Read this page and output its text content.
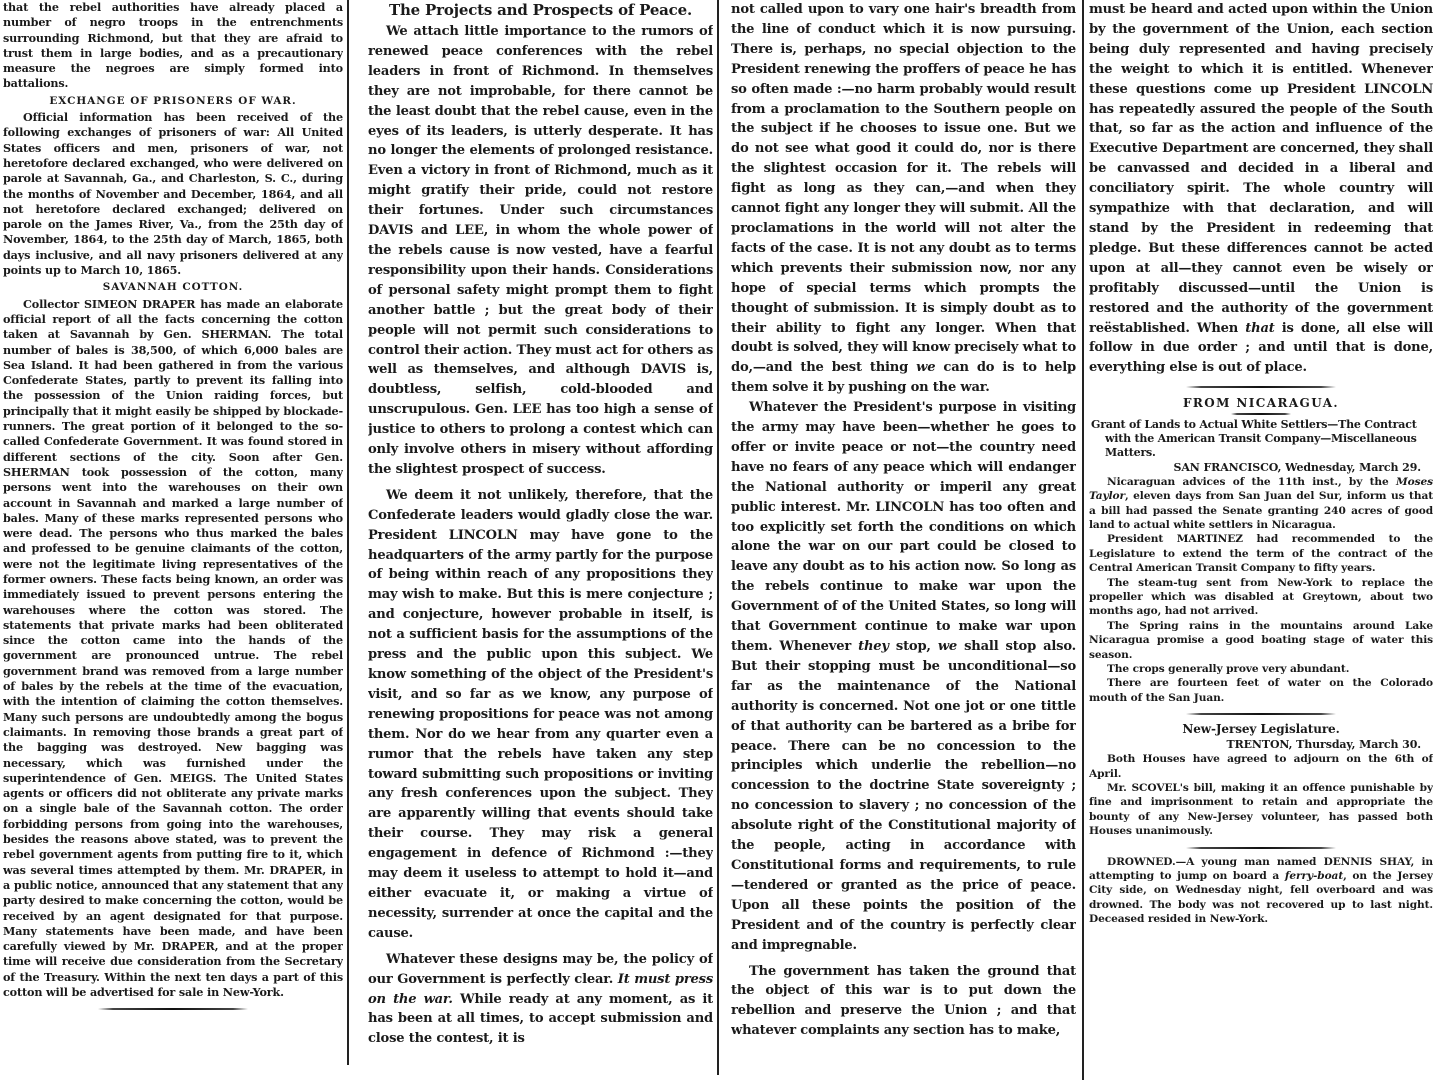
that the rebel authorities have already placed a number of negro troops in the entrenchments surrounding Richmond, but that they are afraid to trust them in large bodies, and as a precautionary measure the negroes are simply formed into battalions.

EXCHANGE OF PRISONERS OF WAR.

Official information has been received of the following exchanges of prisoners of war: All United States officers and men, prisoners of war, not heretofore declared exchanged, who were delivered on parole at Savannah, Ga., and Charleston, S. C., during the months of November and December, 1864, and all not heretofore declared exchanged; delivered on parole on the James River, Va., from the 25th day of November, 1864, to the 25th day of March, 1865, both days inclusive, and all navy prisoners delivered at any points up to March 10, 1865.

SAVANNAH COTTON.

Collector SIMEON DRAPER has made an elaborate official report of all the facts concerning the cotton taken at Savannah by Gen. SHERMAN. The total number of bales is 38,500, of which 6,000 bales are Sea Island. It had been gathered in from the various Confederate States, partly to prevent its falling into the possession of the Union raiding forces, but principally that it might easily be shipped by blockade-runners. The great portion of it belonged to the so-called Confederate Government. It was found stored in different sections of the city. Soon after Gen. SHERMAN took possession of the cotton, many persons went into the warehouses on their own account in Savannah and marked a large number of bales. Many of these marks represented persons who were dead. The persons who thus marked the bales and professed to be genuine claimants of the cotton, were not the legitimate living representatives of the former owners. These facts being known, an order was immediately issued to prevent persons entering the warehouses where the cotton was stored. The statements that private marks had been obliterated since the cotton came into the hands of the government are pronounced untrue. The rebel government brand was removed from a large number of bales by the rebels at the time of the evacuation, with the intention of claiming the cotton themselves. Many such persons are undoubtedly among the bogus claimants. In removing those brands a great part of the bagging was destroyed. New bagging was necessary, which was furnished under the superintendence of Gen. MEIGS. The United States agents or officers did not obliterate any private marks on a single bale of the Savannah cotton. The order forbidding persons from going into the warehouses, besides the reasons above stated, was to prevent the rebel government agents from putting fire to it, which was several times attempted by them. Mr. DRAPER, in a public notice, announced that any statement that any party desired to make concerning the cotton, would be received by an agent designated for that purpose. Many statements have been made, and have been carefully viewed by Mr. DRAPER, and at the proper time will receive due consideration from the Secretary of the Treasury. Within the next ten days a part of this cotton will be advertised for sale in New-York.

The Projects and Prospects of Peace.

We attach little importance to the rumors of renewed peace conferences with the rebel leaders in front of Richmond. In themselves they are not improbable, for there cannot be the least doubt that the rebel cause, even in the eyes of its leaders, is utterly desperate. It has no longer the elements of prolonged resistance. Even a victory in front of Richmond, much as it might gratify their pride, could not restore their fortunes. Under such circumstances DAVIS and LEE, in whom the whole power of the rebels cause is now vested, have a fearful responsibility upon their hands. Considerations of personal safety might prompt them to fight another battle ; but the great body of their people will not permit such considerations to control their action. They must act for others as well as themselves, and although DAVIS is, doubtless, selfish, cold-blooded and unscrupulous. Gen. LEE has too high a sense of justice to others to prolong a contest which can only involve others in misery without affording the slightest prospect of success.

We deem it not unlikely, therefore, that the Confederate leaders would gladly close the war. President LINCOLN may have gone to the headquarters of the army partly for the purpose of being within reach of any propositions they may wish to make. But this is mere conjecture ; and conjecture, however probable in itself, is not a sufficient basis for the assumptions of the press and the public upon this subject. We know something of the object of the President's visit, and so far as we know, any purpose of renewing propositions for peace was not among them. Nor do we hear from any quarter even a rumor that the rebels have taken any step toward submitting such propositions or inviting any fresh conferences upon the subject. They are apparently willing that events should take their course. They may risk a general engagement in defence of Richmond :—they may deem it useless to attempt to hold it—and either evacuate it, or making a virtue of necessity, surrender at once the capital and the cause.

Whatever these designs may be, the policy of our Government is perfectly clear. It must press on the war. While ready at any moment, as it has been at all times, to accept submission and close the contest, it is

not called upon to vary one hair's breadth from the line of conduct which it is now pursuing. There is, perhaps, no special objection to the President renewing the proffers of peace he has so often made :—no harm probably would result from a proclamation to the Southern people on the subject if he chooses to issue one. But we do not see what good it could do, nor is there the slightest occasion for it. The rebels will fight as long as they can,—and when they cannot fight any longer they will submit. All the proclamations in the world will not alter the facts of the case. It is not any doubt as to terms which prevents their submission now, nor any hope of special terms which prompts the thought of submission. It is simply doubt as to their ability to fight any longer. When that doubt is solved, they will know precisely what to do,—and the best thing we can do is to help them solve it by pushing on the war.

Whatever the President's purpose in visiting the army may have been—whether he goes to offer or invite peace or not—the country need have no fears of any peace which will endanger the National authority or imperil any great public interest. Mr. LINCOLN has too often and too explicitly set forth the conditions on which alone the war on our part could be closed to leave any doubt as to his action now. So long as the rebels continue to make war upon the Government of of the United States, so long will that Government continue to make war upon them. Whenever they stop, we shall stop also. But their stopping must be unconditional—so far as the maintenance of the National authority is concerned. Not one jot or one tittle of that authority can be bartered as a bribe for peace. There can be no concession to the principles which underlie the rebellion—no concession to the doctrine State sovereignty ; no concession to slavery ; no concession of the absolute right of the Constitutional majority of the people, acting in accordance with Constitutional forms and requirements, to rule—tendered or granted as the price of peace. Upon all these points the position of the President and of the country is perfectly clear and impregnable.

The government has taken the ground that the object of this war is to put down the rebellion and preserve the Union ; and that whatever complaints any section has to make,

must be heard and acted upon within the Union by the government of the Union, each section being duly represented and having precisely the weight to which it is entitled. Whenever these questions come up President LINCOLN has repeatedly assured the people of the South that, so far as the action and influence of the Executive Department are concerned, they shall be canvassed and decided in a liberal and conciliatory spirit. The whole country will sympathize with that declaration, and will stand by the President in redeeming that pledge. But these differences cannot be acted upon at all—they cannot even be wisely or profitably discussed—until the Union is restored and the authority of the government reëstablished. When that is done, all else will follow in due order ; and until that is done, everything else is out of place.

FROM NICARAGUA.
Grant of Lands to Actual White Settlers—The Contract with the American Transit Company—Miscellaneous Matters.
SAN FRANCISCO, Wednesday, March 29.

Nicaraguan advices of the 11th inst., by the Moses Taylor, eleven days from San Juan del Sur, inform us that a bill had passed the Senate granting 240 acres of good land to actual white settlers in Nicaragua.

President MARTINEZ had recommended to the Legislature to extend the term of the contract of the Central American Transit Company to fifty years.

The steam-tug sent from New-York to replace the propeller which was disabled at Greytown, about two months ago, had not arrived.

The Spring rains in the mountains around Lake Nicaragua promise a good boating stage of water this season.

The crops generally prove very abundant.

There are fourteen feet of water on the Colorado mouth of the San Juan.

New-Jersey Legislature.
TRENTON, Thursday, March 30.

Both Houses have agreed to adjourn on the 6th of April.

Mr. SCOVEL's bill, making it an offence punishable by fine and imprisonment to retain and appropriate the bounty of any New-Jersey volunteer, has passed both Houses unanimously.

DROWNED.—A young man named DENNIS SHAY, in attempting to jump on board a ferry-boat, on the Jersey City side, on Wednesday night, fell overboard and was drowned. The body was not recovered up to last night. Deceased resided in New-York.
